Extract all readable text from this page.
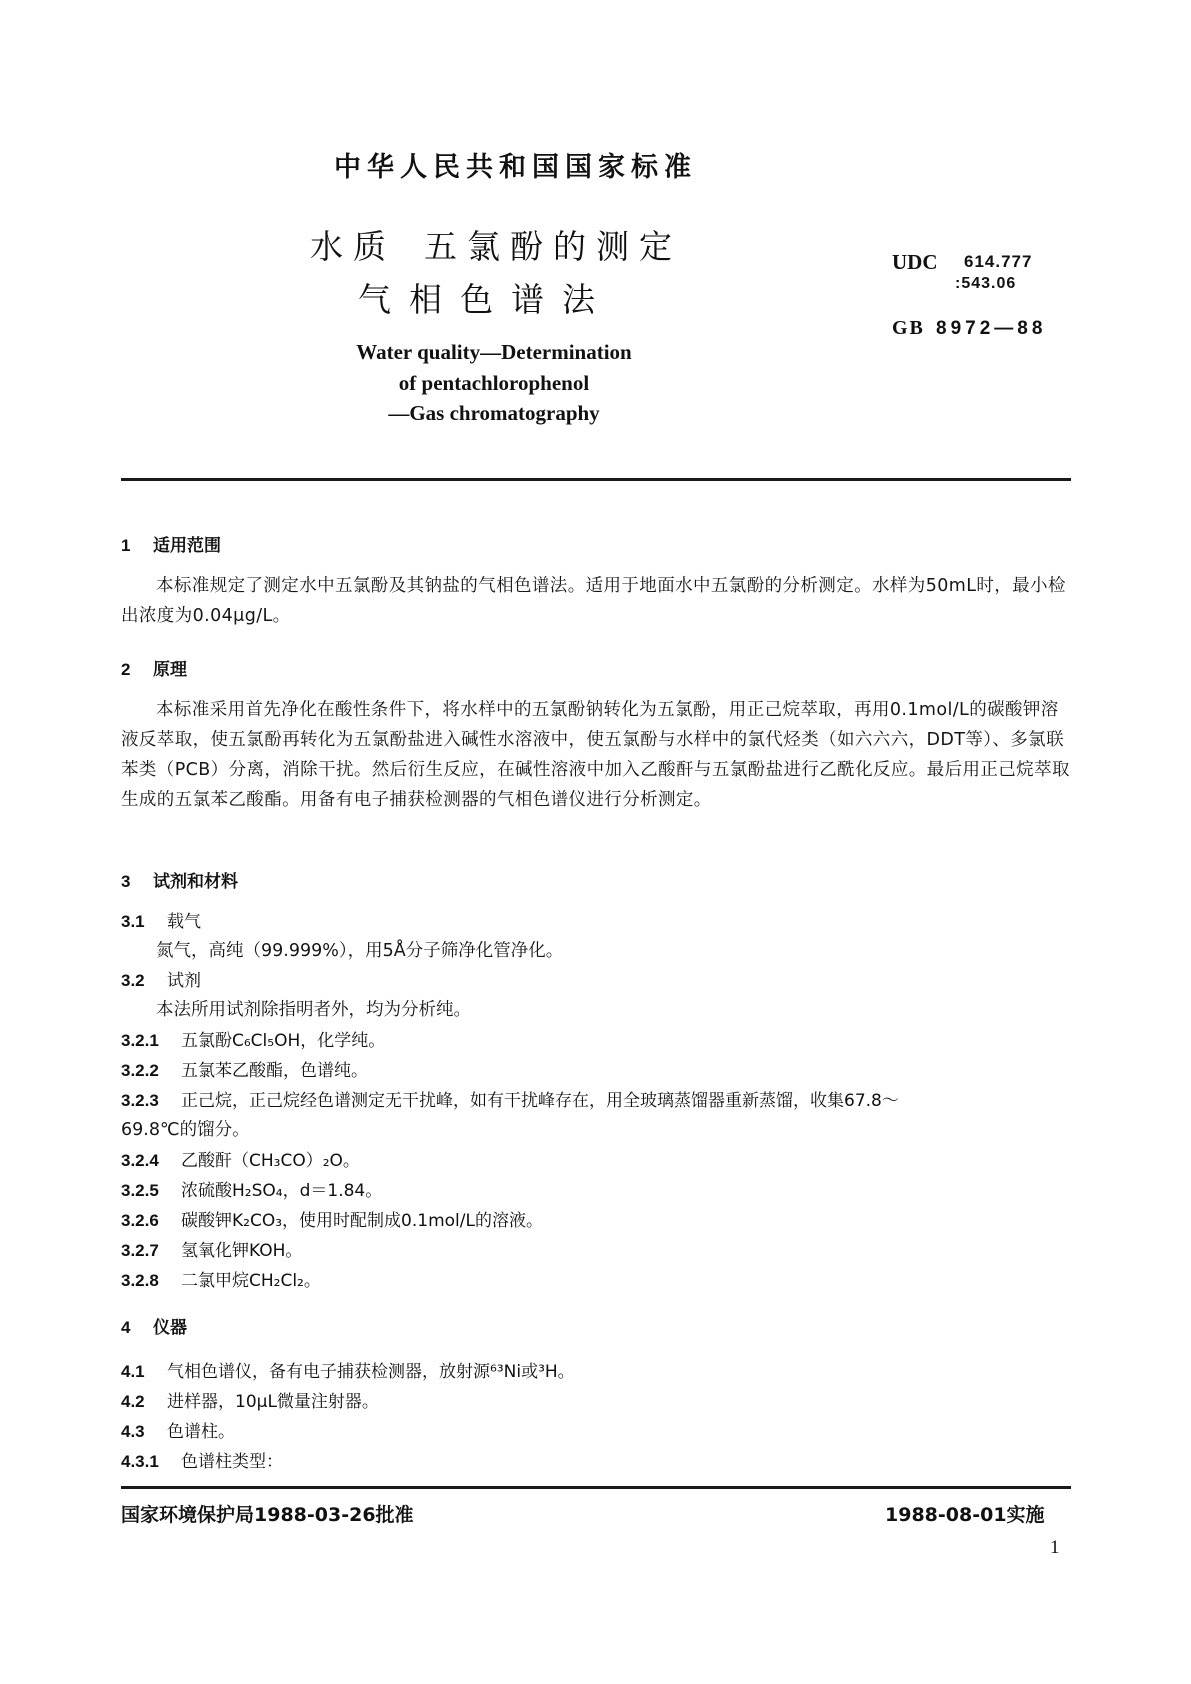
中华人民共和国国家标准
水质 五氯酚的测定
气相色谱法
Water quality—Determination
of pentachlorophenol
—Gas chromatography
UDC 614.777
:543.06
GB 8972—88
1 适用范围
本标准规定了测定水中五氯酚及其钠盐的气相色谱法。适用于地面水中五氯酚的分析测定。水样为50mL时，最小检出浓度为0.04μg/L。
2 原理
本标准采用首先净化在酸性条件下，将水样中的五氯酚钠转化为五氯酚，用正己烷萃取，再用0.1mol/L的碳酸钾溶液反萃取，使五氯酚再转化为五氯酚盐进入碱性水溶液中，使五氯酚与水样中的氯代烃类（如六六六，DDT等）、多氯联苯类（PCB）分离，消除干扰。然后衍生反应，在碱性溶液中加入乙酸酐与五氯酚盐进行乙酰化反应。最后用正己烷萃取生成的五氯苯乙酸酯。用备有电子捕获检测器的气相色谱仪进行分析测定。
3 试剂和材料
3.1 载气
氮气，高纯（99.999%），用5Å分子筛净化管净化。
3.2 试剂
本法所用试剂除指明者外，均为分析纯。
3.2.1 五氯酚C₆Cl₅OH，化学纯。
3.2.2 五氯苯乙酸酯，色谱纯。
3.2.3 正己烷，正己烷经色谱测定无干扰峰，如有干扰峰存在，用全玻璃蒸馏器重新蒸馏，收集67.8～
69.8℃的馏分。
3.2.4 乙酸酐（CH₃CO）₂O。
3.2.5 浓硫酸H₂SO₄，d＝1.84。
3.2.6 碳酸钾K₂CO₃，使用时配制成0.1mol/L的溶液。
3.2.7 氢氧化钾KOH。
3.2.8 二氯甲烷CH₂Cl₂。
4 仪器
4.1 气相色谱仪，备有电子捕获检测器，放射源⁶³Ni或³H。
4.2 进样器，10μL微量注射器。
4.3 色谱柱。
4.3.1 色谱柱类型：
国家环境保护局1988-03-26批准	1988-08-01实施
1
